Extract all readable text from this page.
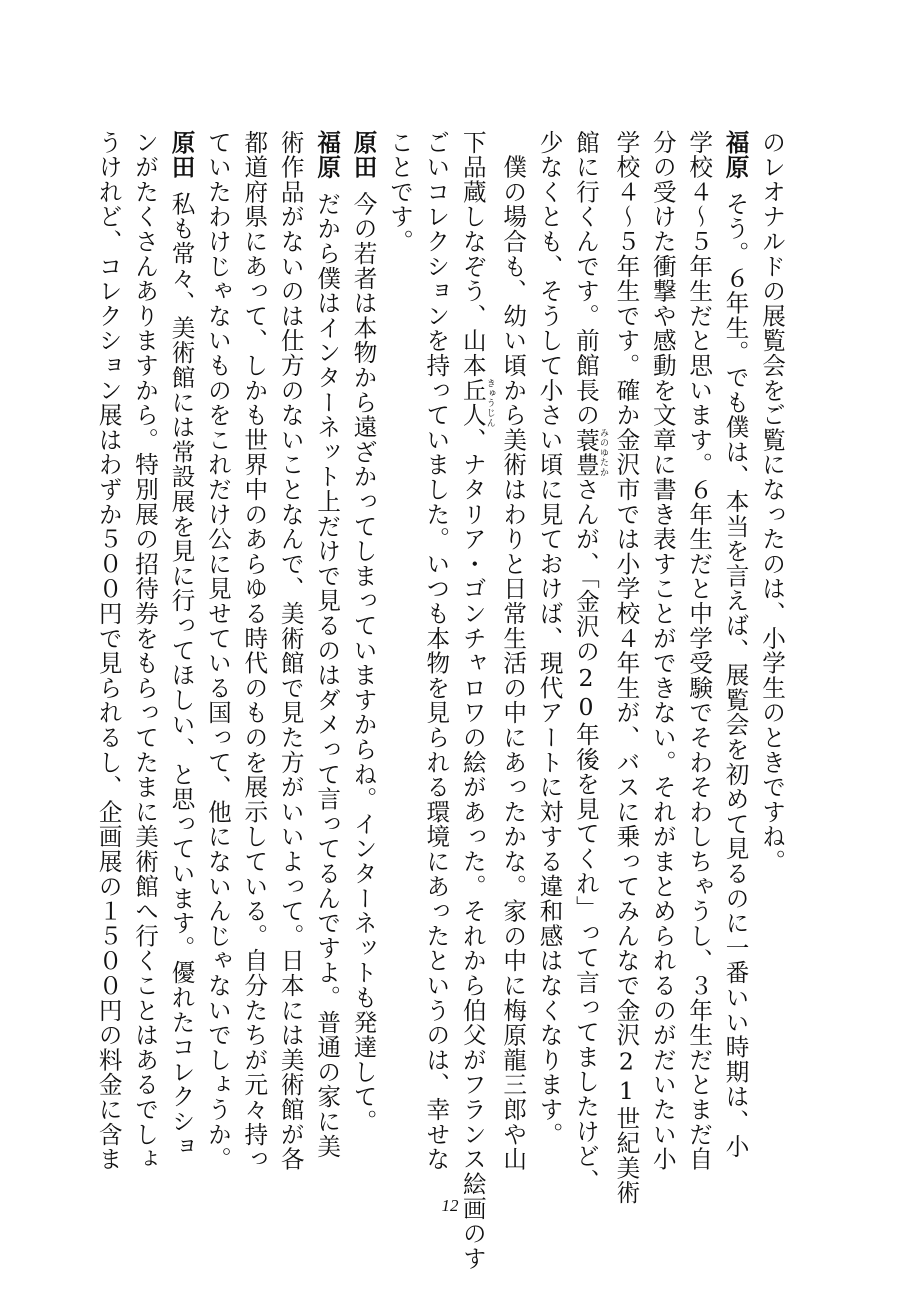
のレオナルドの展覧会をご覧になったのは、小学生のときですね。
福原そう。６年生。でも僕は、本当を言えば、展覧会を初めて見るのに一番いい時期は、小
学校４〜５年生だと思います。６年生だと中学受験でそわそわしちゃうし、３年生だとまだ自
分の受けた衝撃や感動を文章に書き表すことができない。それがまとめられるのがだいたい小
学校４〜５年生です。確か金沢市では小学校４年生が、バスに乗ってみんなで金沢21世紀美術
館に行くんです。前館長の蓑豊みのゆたかさんが、「金沢の20年後を見てくれ」って言ってましたけど、
少なくとも、そうして小さい頃に見ておけば、現代アートに対する違和感はなくなります。
　僕の場合も、幼い頃から美術はわりと日常生活の中にあったかな。家の中に梅原龍三郎や山
下品蔵しなぞう、山本丘人きゅうじん、ナタリア・ゴンチャロワの絵があった。それから伯父がフランス絵画のす
ごいコレクションを持っていました。いつも本物を見られる環境にあったというのは、幸せな
ことです。
原田今の若者は本物から遠ざかってしまっていますからね。インターネットも発達して。
福原だから僕はインターネット上だけで見るのはダメって言ってるんですよ。普通の家に美
術作品がないのは仕方のないことなんで、美術館で見た方がいいよって。日本には美術館が各
都道府県にあって、しかも世界中のあらゆる時代のものを展示している。自分たちが元々持っ
ていたわけじゃないものをこれだけ公に見せている国って、他にないんじゃないでしょうか。
原田私も常々、美術館には常設展を見に行ってほしい、と思っています。優れたコレクショ
ンがたくさんありますから。特別展の招待券をもらってたまに美術館へ行くことはあるでしょ
うけれど、コレクション展はわずか５００円で見られるし、企画展の１５００円の料金に含ま
12
